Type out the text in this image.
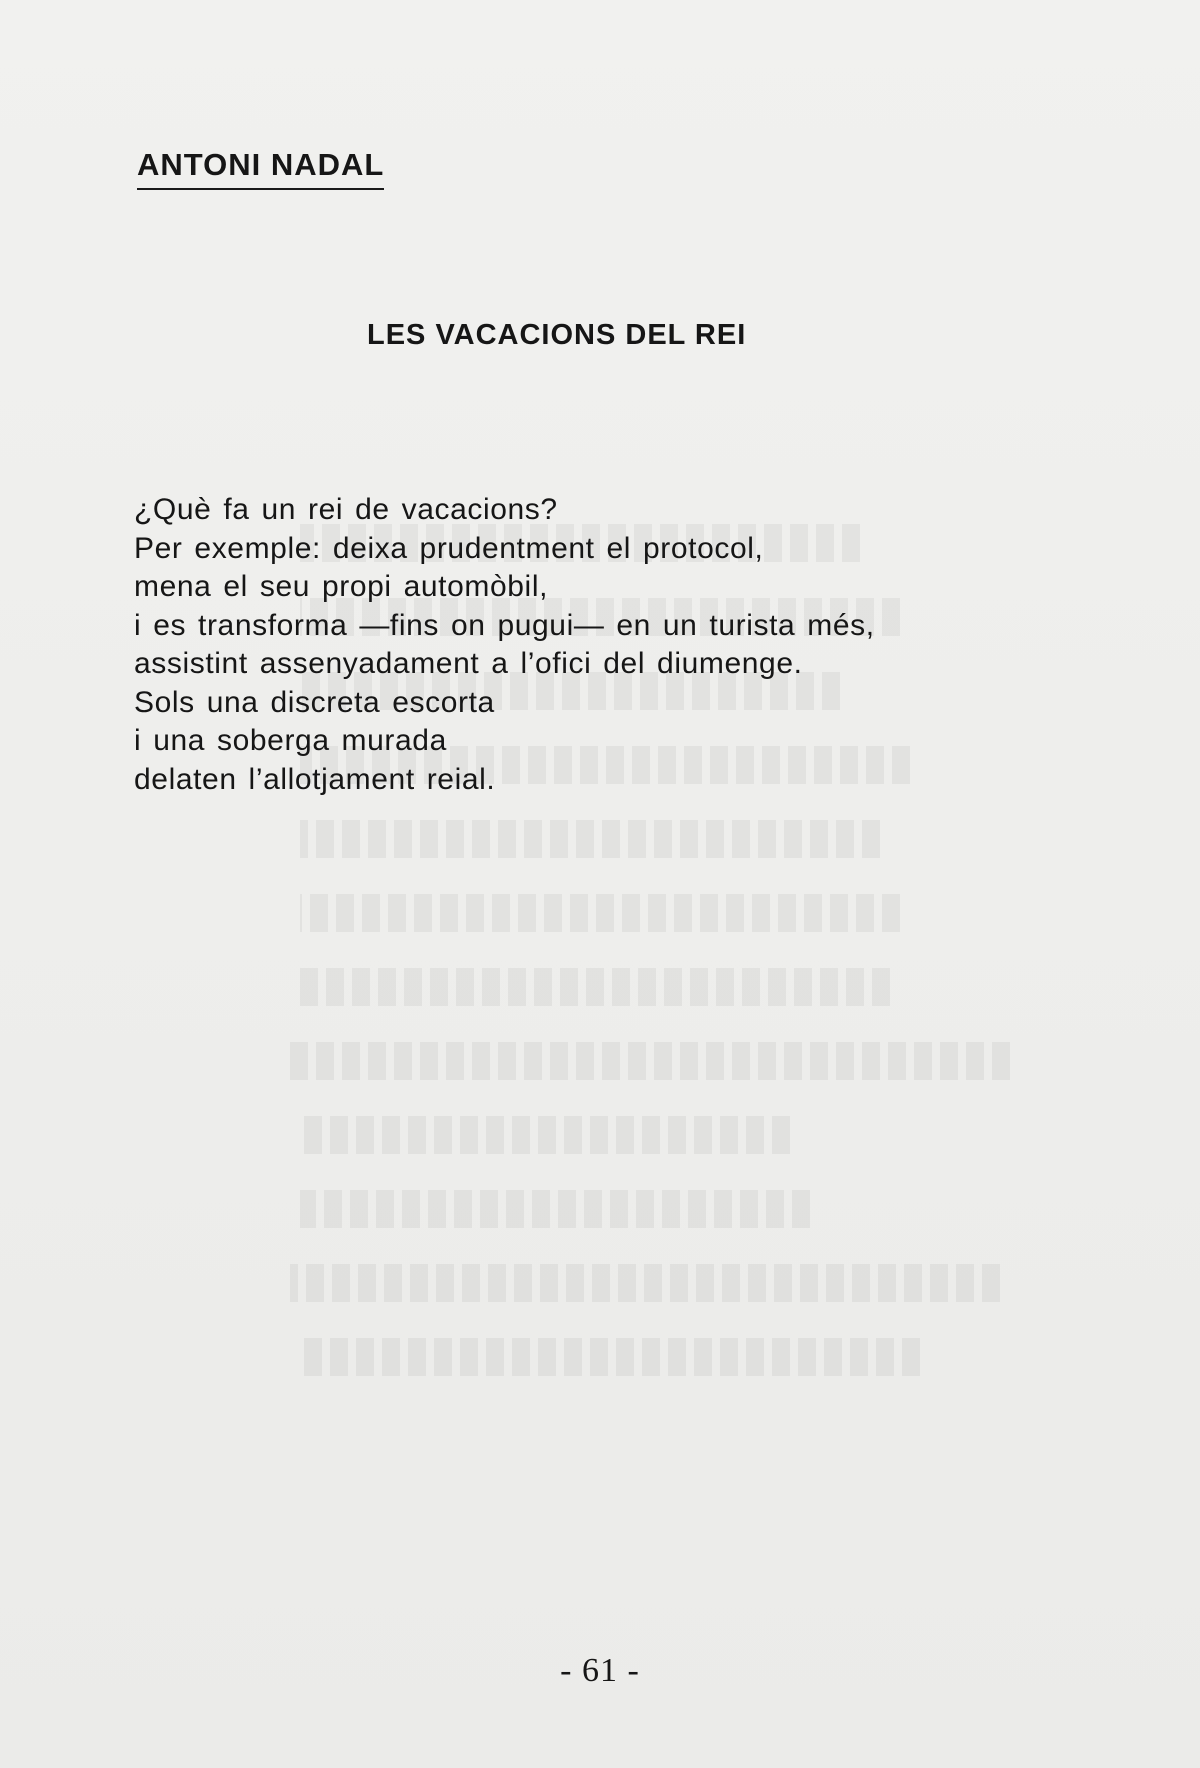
ANTONI NADAL
LES VACACIONS DEL REI
¿Què fa un rei de vacacions?
Per exemple: deixa prudentment el protocol,
mena el seu propi automòbil,
i es transforma —fins on pugui— en un turista més,
assistint assenyadament a l’ofici del diumenge.
Sols una discreta escorta
i una soberga murada
delaten l’allotjament reial.

- 61 -
